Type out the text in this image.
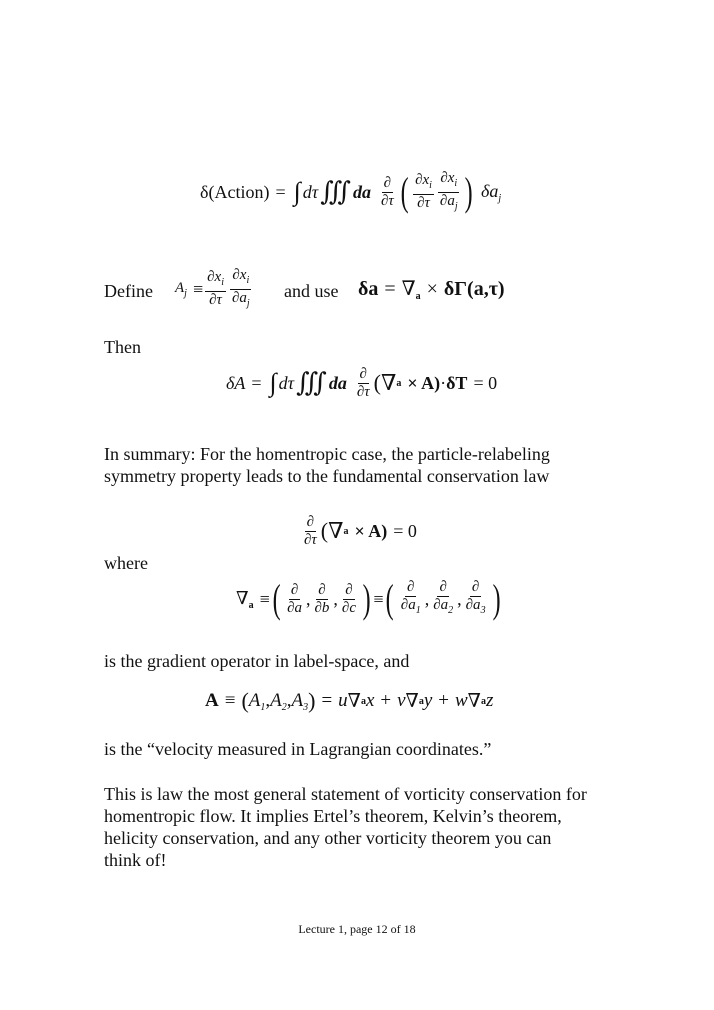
δ(Action) = ∫ dτ ∭ da $\frac{\partial}{\partial\tau}$ ( $\frac{\partial x_i}{\partial\tau} \frac{\partial x_i}{\partial a_j}$ ) $\delta a_j$
Define $A_j \equiv \frac{\partial x_i}{\partial\tau} \frac{\partial x_i}{\partial a_j}$ and use $\delta a = \nabla_a \times \delta\Gamma(a,\tau)$
Then
δA = ∫ dτ ∭ da $\frac{\partial}{\partial\tau}$ (∇ a × A) · δT = 0
In summary: For the homentropic case, the particle-relabeling
symmetry property leads to the fundamental conservation law
$\frac{\partial}{\partial\tau}$ (∇ a × A) = 0
where
$\nabla_a$ ≡ ( $\frac{\partial}{\partial a}$ , $\frac{\partial}{\partial b}$ , $\frac{\partial}{\partial c}$ ) ≡ ( $\frac{\partial}{\partial a_1}$ , $\frac{\partial}{\partial a_2}$ , $\frac{\partial}{\partial a_3}$ )
is the gradient operator in label-space, and
A ≡ ( $A_1$ , $A_2$ , $A_3$ ) = u ∇ a x + v ∇ a y + w ∇ a z
is the “velocity measured in Lagrangian coordinates.”
This is law the most general statement of vorticity conservation for
homentropic flow. It implies Ertel’s theorem, Kelvin’s theorem,
helicity conservation, and any other vorticity theorem you can
think of!
Lecture 1, page 12 of 18
